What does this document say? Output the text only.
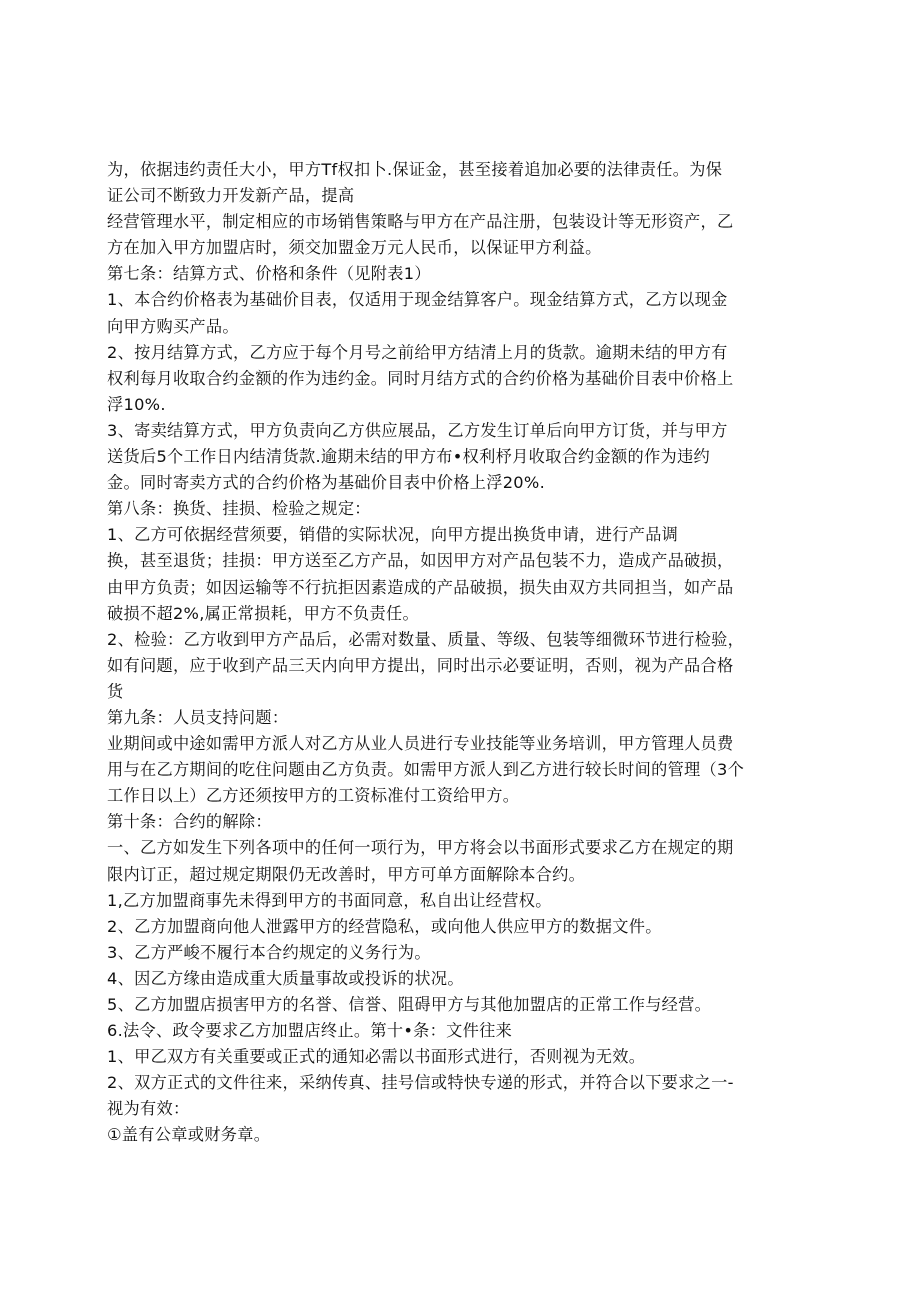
为，依据违约责任大小，甲方Tf权扣卜.保证金，甚至接着追加必要的法律责任。为保
证公司不断致力开发新产品，提高
经营管理水平，制定相应的市场销售策略与甲方在产品注册，包装设计等无形资产，乙
方在加入甲方加盟店时，须交加盟金万元人民币，以保证甲方利益。
第七条：结算方式、价格和条件（见附表1）
1、本合约价格表为基础价目表，仅适用于现金结算客户。现金结算方式，乙方以现金
向甲方购买产品。
2、按月结算方式，乙方应于每个月号之前给甲方结清上月的货款。逾期未结的甲方有
权利每月收取合约金额的作为违约金。同时月结方式的合约价格为基础价目表中价格上
浮10%.
3、寄卖结算方式，甲方负责向乙方供应展品，乙方发生订单后向甲方订货，并与甲方
送货后5个工作日内结清货款.逾期未结的甲方布•权利杼月收取合约金额的作为违约
金。同时寄卖方式的合约价格为基础价目表中价格上浮20%.
第八条：换货、挂损、检验之规定：
1、乙方可依据经营须要，销借的实际状况，向甲方提出换货申请，进行产品调
换，甚至退货；挂损：甲方送至乙方产品，如因甲方对产品包装不力，造成产品破损，
由甲方负责；如因运输等不行抗拒因素造成的产品破损，损失由双方共同担当，如产品
破损不超2%,属正常损耗，甲方不负责任。
2、检验：乙方收到甲方产品后，必需对数量、质量、等级、包装等细微环节进行检验，
如有问题，应于收到产品三天内向甲方提出，同时出示必要证明，否则，视为产品合格
货
第九条：人员支持问题：
业期间或中途如需甲方派人对乙方从业人员进行专业技能等业务培训，甲方管理人员费
用与在乙方期间的吃住问题由乙方负责。如需甲方派人到乙方进行较长时间的管理（3个
工作日以上）乙方还须按甲方的工资标准付工资给甲方。
第十条：合约的解除：
一、乙方如发生下列各项中的任何一项行为，甲方将会以书面形式要求乙方在规定的期
限内订正，超过规定期限仍无改善时，甲方可单方面解除本合约。
1,乙方加盟商事先未得到甲方的书面同意，私自出让经营权。
2、乙方加盟商向他人泄露甲方的经营隐私，或向他人供应甲方的数据文件。
3、乙方严峻不履行本合约规定的义务行为。
4、因乙方缘由造成重大质量事故或投诉的状况。
5、乙方加盟店损害甲方的名誉、信誉、阻碍甲方与其他加盟店的正常工作与经营。
6.法令、政令要求乙方加盟店终止。第十•条：文件往来
1、甲乙双方有关重要或正式的通知必需以书面形式进行，否则视为无效。
2、双方正式的文件往来，采纳传真、挂号信或特快专递的形式，并符合以下要求之一-
视为有效：
①盖有公章或财务章。
